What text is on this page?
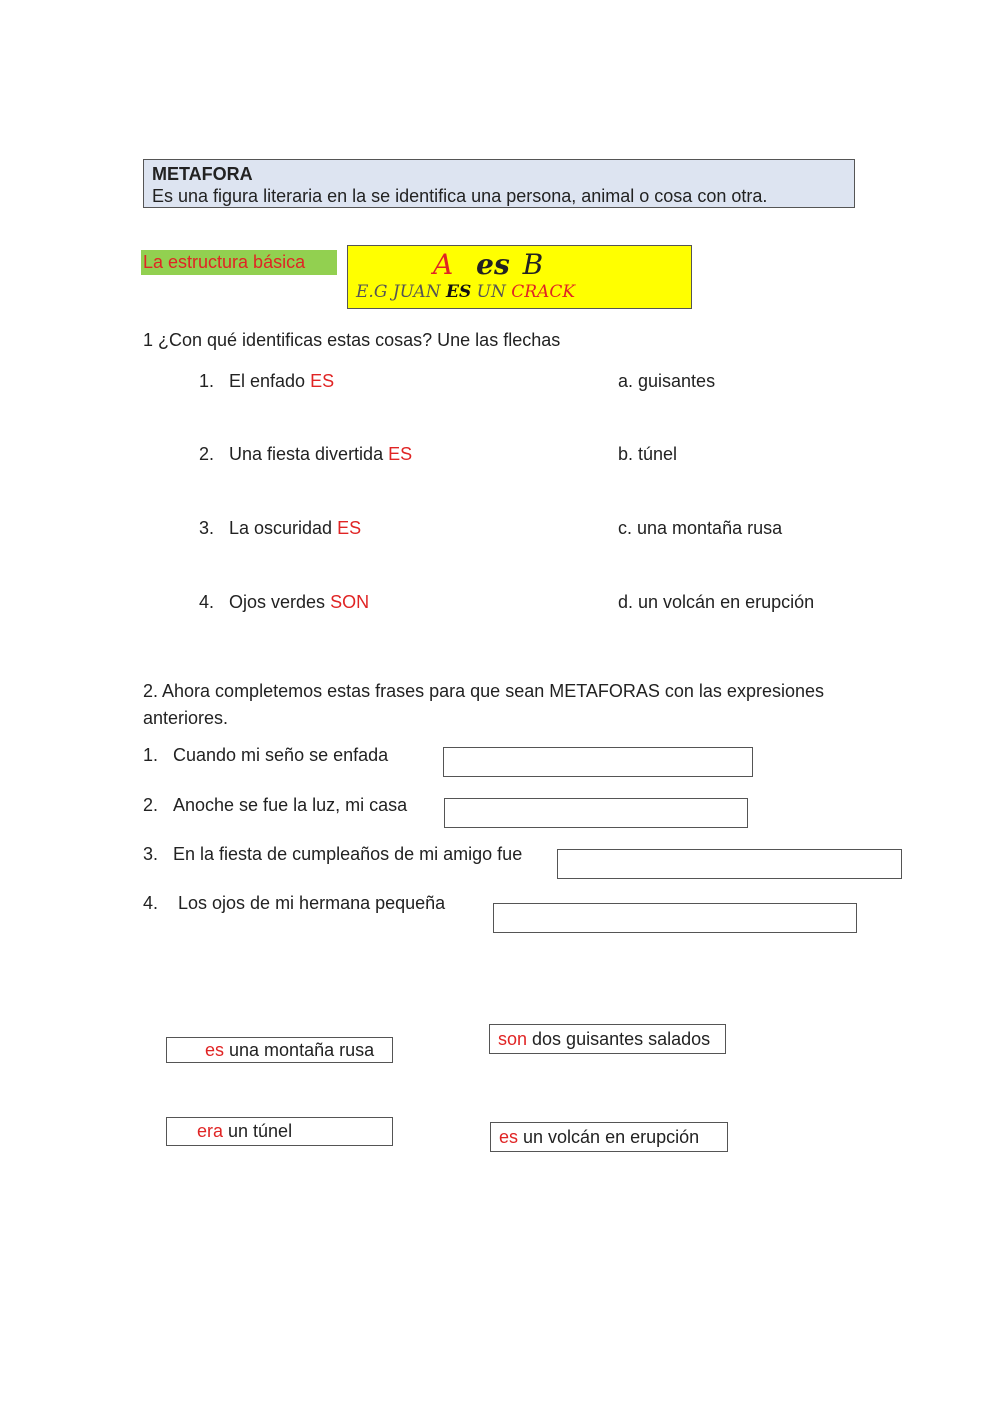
METAFORA
Es una figura literaria en la se identifica una persona, animal o cosa con otra.
La estructura básica	A es B
E.G JUAN ES UN CRACK
1 ¿Con qué identificas estas cosas? Une las flechas
1. El enfado ES
2. Una fiesta divertida ES
3. La oscuridad ES
4. Ojos verdes SON
a. guisantes
b. túnel
c. una montaña rusa
d. un volcán en erupción
2. Ahora completemos estas frases para que sean METAFORAS con las expresiones anteriores.
1. Cuando mi seño se enfada
2. Anoche se fue la luz, mi casa
3. En la fiesta de cumpleaños de mi amigo fue
4. Los ojos de mi hermana pequeña
es una montaña rusa
son dos guisantes salados
era un túnel	es un volcán en erupción
